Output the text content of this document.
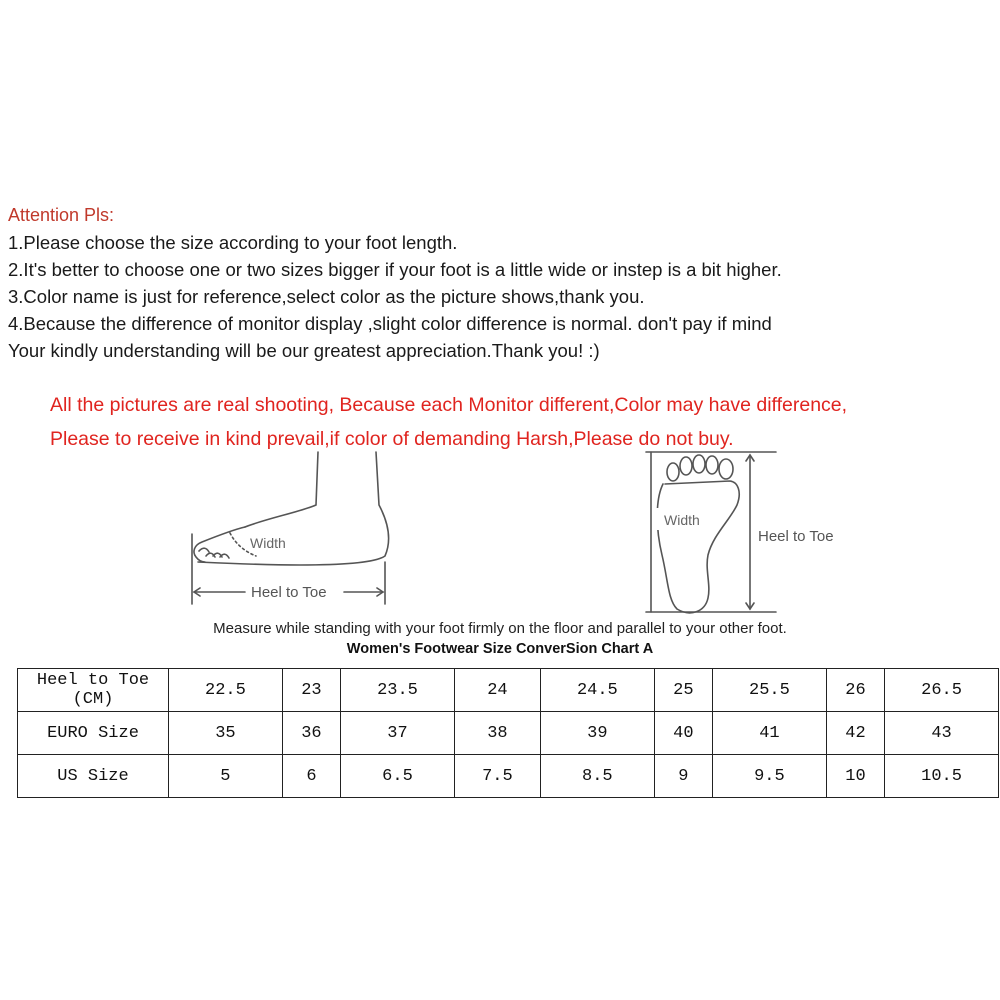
Attention Pls:

1.Please choose the size according to your foot length.

2.It's better to choose one or two sizes bigger if your foot is a little wide or instep is a bit higher.

3.Color name is just for reference,select color as the picture shows,thank you.

4.Because the difference of monitor display ,slight color difference is normal. don't pay if mind

Your kindly understanding will be our greatest appreciation.Thank you! :)

All the pictures are real shooting, Because each Monitor different,Color may have difference,

Please to receive in kind prevail,if color of demanding Harsh,Please do not buy.

Width
Heel to Toe
Width
Heel to Toe
Measure while standing with your foot firmly on the floor and parallel to your other foot.
Women's Footwear Size ConverSion Chart A
Heel to Toe (CM)	22.5	23	23.5	24	24.5	25	25.5	26	26.5
EURO Size	35	36	37	38	39	40	41	42	43
US Size	5	6	6.5	7.5	8.5	9	9.5	10	10.5
